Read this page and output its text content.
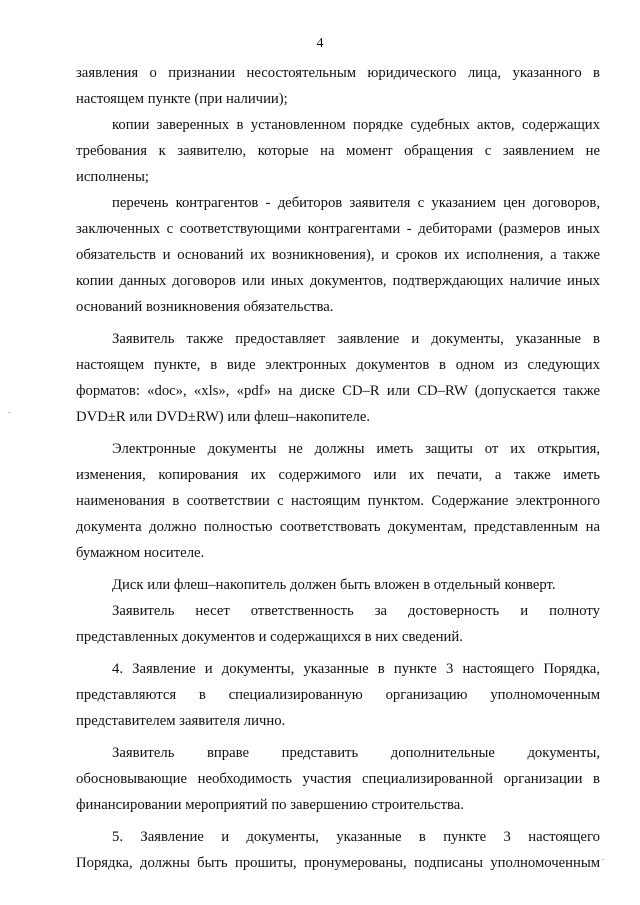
4

заявления о признании несостоятельным юридического лица, указанного в
настоящем пункте (при наличии);

копии заверенных в установленном порядке судебных актов, содержащих
требования к заявителю, которые на момент обращения с заявлением не
исполнены;

перечень контрагентов - дебиторов заявителя с указанием цен договоров,
заключенных с соответствующими контрагентами - дебиторами (размеров иных
обязательств и оснований их возникновения), и сроков их исполнения, а также
копии данных договоров или иных документов, подтверждающих наличие иных
оснований возникновения обязательства.

Заявитель также предоставляет заявление и документы, указанные в
настоящем пункте, в виде электронных документов в одном из следующих
форматов: «doc», «xls», «pdf» на диске CD–R или CD–RW (допускается также
DVD±R или DVD±RW) или флеш–накопителе.

Электронные документы не должны иметь защиты от их открытия,
изменения, копирования их содержимого или их печати, а также иметь
наименования в соответствии с настоящим пунктом. Содержание электронного
документа должно полностью соответствовать документам, представленным на
бумажном носителе.

Диск или флеш–накопитель должен быть вложен в отдельный конверт.

Заявитель несет ответственность за достоверность и полноту
представленных документов и содержащихся в них сведений.

4. Заявление и документы, указанные в пункте 3 настоящего Порядка,
представляются в специализированную организацию уполномоченным
представителем заявителя лично.

Заявитель вправе представить дополнительные документы,
обосновывающие необходимость участия специализированной организации в
финансировании мероприятий по завершению строительства.

5. Заявление и документы, указанные в пункте 3 настоящего
Порядка, должны быть прошиты, пронумерованы, подписаны уполномоченным

.
.
